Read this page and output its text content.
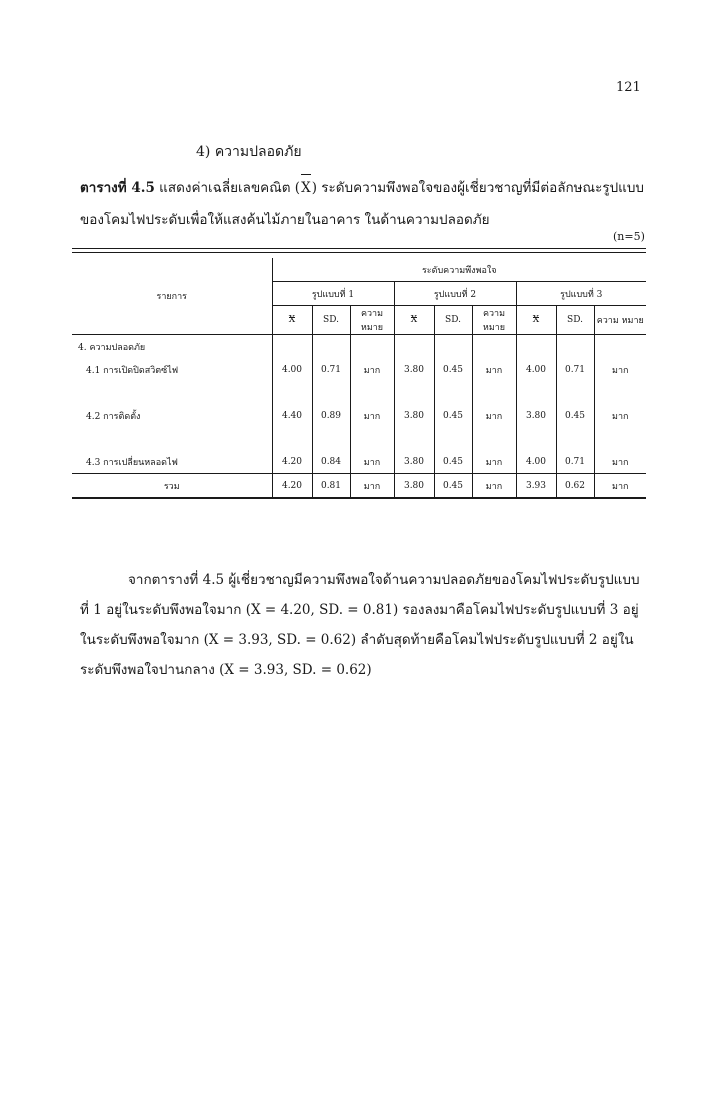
121
4) ความปลอดภัย
ตารางที่ 4.5 แสดงค่าเฉลี่ยเลขคณิต (X) ระดับความพึงพอใจของผู้เชี่ยวชาญที่มีต่อลักษณะรูปแบบของโคมไฟประดับเพื่อให้แสงค้นไม้ภายในอาคาร ในด้านความปลอดภัย
(n=5)
รายการ	ระดับความพึงพอใจ								
	รูปแบบที่ 1			รูปแบบที่ 2			รูปแบบที่ 3		
	X	SD.	ความ หมาย	X	SD.	ความ หมาย	X	SD.	ความ หมาย
4. ความปลอดภัย									
4.1 การเปิดปิดสวิตซ์ไฟ	4.00	0.71	มาก	3.80	0.45	มาก	4.00	0.71	มาก

4.2 การติดตั้ง	4.40	0.89	มาก	3.80	0.45	มาก	3.80	0.45	มาก

4.3 การเปลี่ยนหลอดไฟ	4.20	0.84	มาก	3.80	0.45	มาก	4.00	0.71	มาก
รวม	4.20	0.81	มาก	3.80	0.45	มาก	3.93	0.62	มาก

จากตารางที่ 4.5 ผู้เชี่ยวชาญมีความพึงพอใจด้านความปลอดภัยของโคมไฟประดับรูปแบบ

ที่ 1 อยู่ในระดับพึงพอใจมาก (X = 4.20, SD. = 0.81) รองลงมาคือโคมไฟประดับรูปแบบที่ 3 อยู่

ในระดับพึงพอใจมาก (X = 3.93, SD. = 0.62) ลำดับสุดท้ายคือโคมไฟประดับรูปแบบที่ 2 อยู่ใน

ระดับพึงพอใจปานกลาง (X = 3.93, SD. = 0.62)
